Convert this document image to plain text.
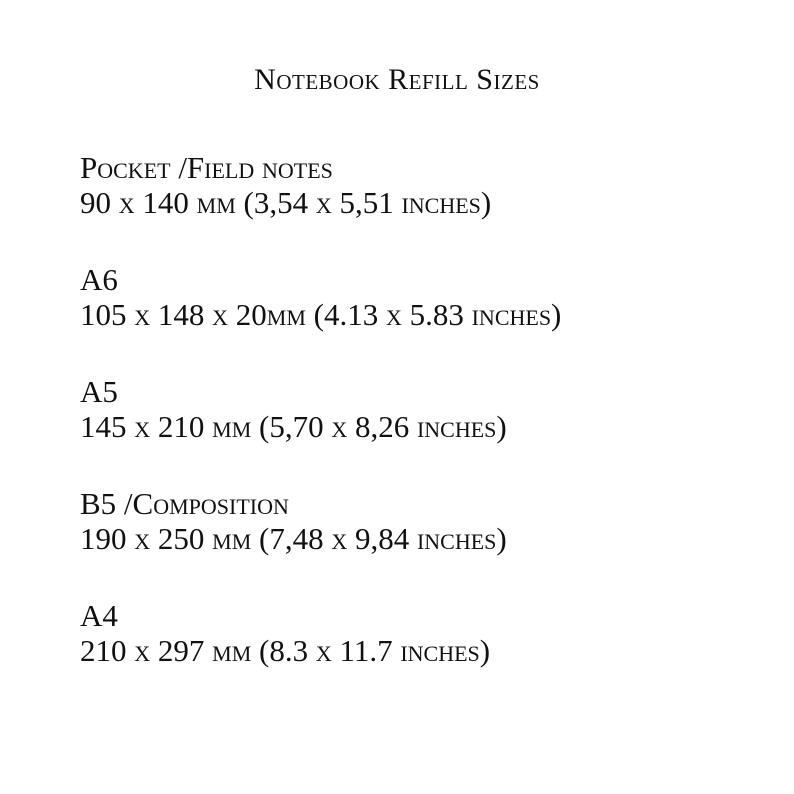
Notebook Refill Sizes
Pocket /Field notes
90 x 140 mm (3,54 x 5,51 inches)
A6
105 x 148 x 20mm (4.13 x 5.83 inches)
A5
145 x 210 mm (5,70 x 8,26 inches)
B5 /Composition
190 x 250 mm (7,48 x 9,84 inches)
A4
210 x 297 mm (8.3 x 11.7 inches)
